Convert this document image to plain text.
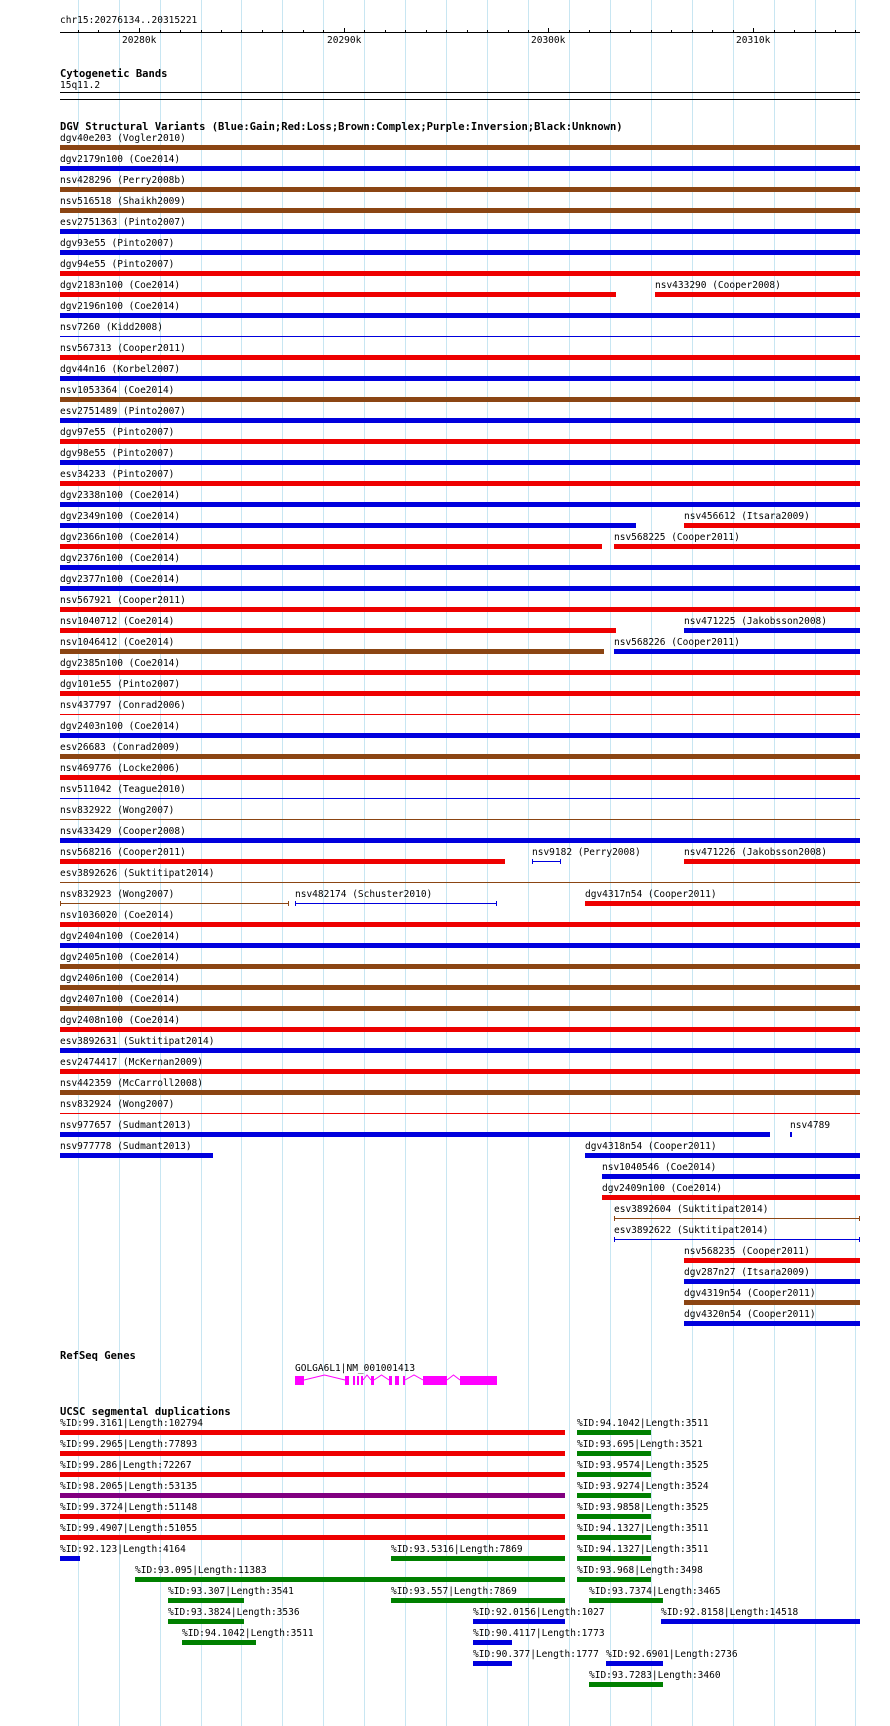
chr15:20276134..20315221
20280k	20290k	20300k	20310k
Cytogenetic Bands
15q11.2
DGV Structural Variants (Blue:Gain;Red:Loss;Brown:Complex;Purple:Inversion;Black:Unknown)
dgv40e203 (Vogler2010)
dgv2179n100 (Coe2014)
nsv428296 (Perry2008b)
nsv516518 (Shaikh2009)
esv2751363 (Pinto2007)
dgv93e55 (Pinto2007)
dgv94e55 (Pinto2007)
dgv2183n100 (Coe2014)	nsv433290 (Cooper2008)
dgv2196n100 (Coe2014)
nsv7260 (Kidd2008)
nsv567313 (Cooper2011)
dgv44n16 (Korbel2007)
nsv1053364 (Coe2014)
esv2751489 (Pinto2007)
dgv97e55 (Pinto2007)
dgv98e55 (Pinto2007)
esv34233 (Pinto2007)
dgv2338n100 (Coe2014)
dgv2349n100 (Coe2014)	nsv456612 (Itsara2009)
dgv2366n100 (Coe2014)	nsv568225 (Cooper2011)
dgv2376n100 (Coe2014)
dgv2377n100 (Coe2014)
nsv567921 (Cooper2011)
nsv1040712 (Coe2014)	nsv471225 (Jakobsson2008)
nsv1046412 (Coe2014)	nsv568226 (Cooper2011)
dgv2385n100 (Coe2014)
dgv101e55 (Pinto2007)
nsv437797 (Conrad2006)
dgv2403n100 (Coe2014)
esv26683 (Conrad2009)
nsv469776 (Locke2006)
nsv511042 (Teague2010)
nsv832922 (Wong2007)
nsv433429 (Cooper2008)
nsv568216 (Cooper2011)	nsv9182 (Perry2008)	nsv471226 (Jakobsson2008)
esv3892626 (Suktitipat2014)
nsv832923 (Wong2007)	nsv482174 (Schuster2010)	dgv4317n54 (Cooper2011)
nsv1036020 (Coe2014)
dgv2404n100 (Coe2014)
dgv2405n100 (Coe2014)
dgv2406n100 (Coe2014)
dgv2407n100 (Coe2014)
dgv2408n100 (Coe2014)
esv3892631 (Suktitipat2014)
esv2474417 (McKernan2009)
nsv442359 (McCarroll2008)
nsv832924 (Wong2007)
nsv977657 (Sudmant2013)	nsv4789
nsv977778 (Sudmant2013)	dgv4318n54 (Cooper2011)
nsv1040546 (Coe2014)
dgv2409n100 (Coe2014)
esv3892604 (Suktitipat2014)
esv3892622 (Suktitipat2014)
nsv568235 (Cooper2011)
dgv287n27 (Itsara2009)
dgv4319n54 (Cooper2011)
dgv4320n54 (Cooper2011)
RefSeq Genes
GOLGA6L1|NM_001001413
UCSC segmental duplications
%ID:99.3161|Length:102794	%ID:94.1042|Length:3511
%ID:99.2965|Length:77893	%ID:93.695|Length:3521
%ID:99.286|Length:72267	%ID:93.9574|Length:3525
%ID:98.2065|Length:53135	%ID:93.9274|Length:3524
%ID:99.3724|Length:51148	%ID:93.9858|Length:3525
%ID:99.4907|Length:51055	%ID:94.1327|Length:3511
%ID:92.123|Length:4164	%ID:93.5316|Length:7869	%ID:94.1327|Length:3511
%ID:93.095|Length:11383	%ID:93.968|Length:3498
%ID:93.307|Length:3541	%ID:93.557|Length:7869	%ID:93.7374|Length:3465
%ID:93.3824|Length:3536	%ID:92.0156|Length:1027	%ID:92.8158|Length:14518
%ID:94.1042|Length:3511	%ID:90.4117|Length:1773
%ID:90.377|Length:1777 %ID:92.6901|Length:2736
%ID:93.7283|Length:3460
